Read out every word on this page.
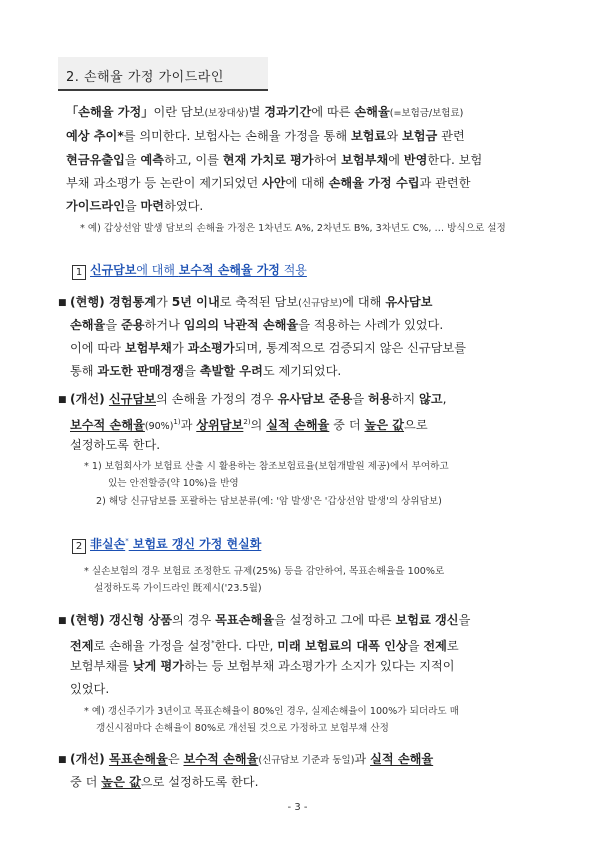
2. 손해율 가정 가이드라인
「손해율 가정」이란 담보(보장대상)별 경과기간에 따른 손해율(=보험금/보험료)
예상 추이*를 의미한다. 보험사는 손해율 가정을 통해 보험료와 보험금 관련
현금유출입을 예측하고, 이를 현재 가치로 평가하여 보험부채에 반영한다. 보험
부채 과소평가 등 논란이 제기되었던 사안에 대해 손해율 가정 수립과 관련한
가이드라인을 마련하였다.
* 예) 갑상선암 발생 담보의 손해율 가정은 1차년도 A%, 2차년도 B%, 3차년도 C%, … 방식으로 설정
1 신규담보에 대해 보수적 손해율 가정 적용
■ (현행) 경험통계가 5년 이내로 축적된 담보(신규담보)에 대해 유사담보
손해율을 준용하거나 임의의 낙관적 손해율을 적용하는 사례가 있었다.
이에 따라 보험부채가 과소평가되며, 통계적으로 검증되지 않은 신규담보를
통해 과도한 판매경쟁을 촉발할 우려도 제기되었다.
■ (개선) 신규담보의 손해율 가정의 경우 유사담보 준용을 허용하지 않고,
보수적 손해율$(90\%)^{1)}$과 상위담보$^{2)}$의 실적 손해율 중 더 높은 값으로
설정하도록 한다.
* 1) 보험회사가 보험료 산출 시 활용하는 참조보험료율(보험개발원 제공)에서 부여하고
있는 안전할증(약 10%)을 반영
2) 해당 신규담보를 포괄하는 담보분류(예: '암 발생'은 '갑상선암 발생'의 상위담보)
2 非실손* 보험료 갱신 가정 현실화
* 실손보험의 경우 보험료 조정한도 규제(25%) 등을 감안하여, 목표손해율을 100%로
설정하도록 가이드라인 旣제시('23.5월)
■ (현행) 갱신형 상품의 경우 목표손해율을 설정하고 그에 따른 보험료 갱신을
전제로 손해율 가정을 설정*한다. 다만, 미래 보험료의 대폭 인상을 전제로
보험부채를 낮게 평가하는 등 보험부채 과소평가가 소지가 있다는 지적이
있었다.
* 예) 갱신주기가 3년이고 목표손해율이 80%인 경우, 실제손해율이 100%가 되더라도 매
갱신시점마다 손해율이 80%로 개선될 것으로 가정하고 보험부채 산정
■ (개선) 목표손해율은 보수적 손해율(신규담보 기준과 동일)과 실적 손해율
중 더 높은 값으로 설정하도록 한다.
- 3 -
